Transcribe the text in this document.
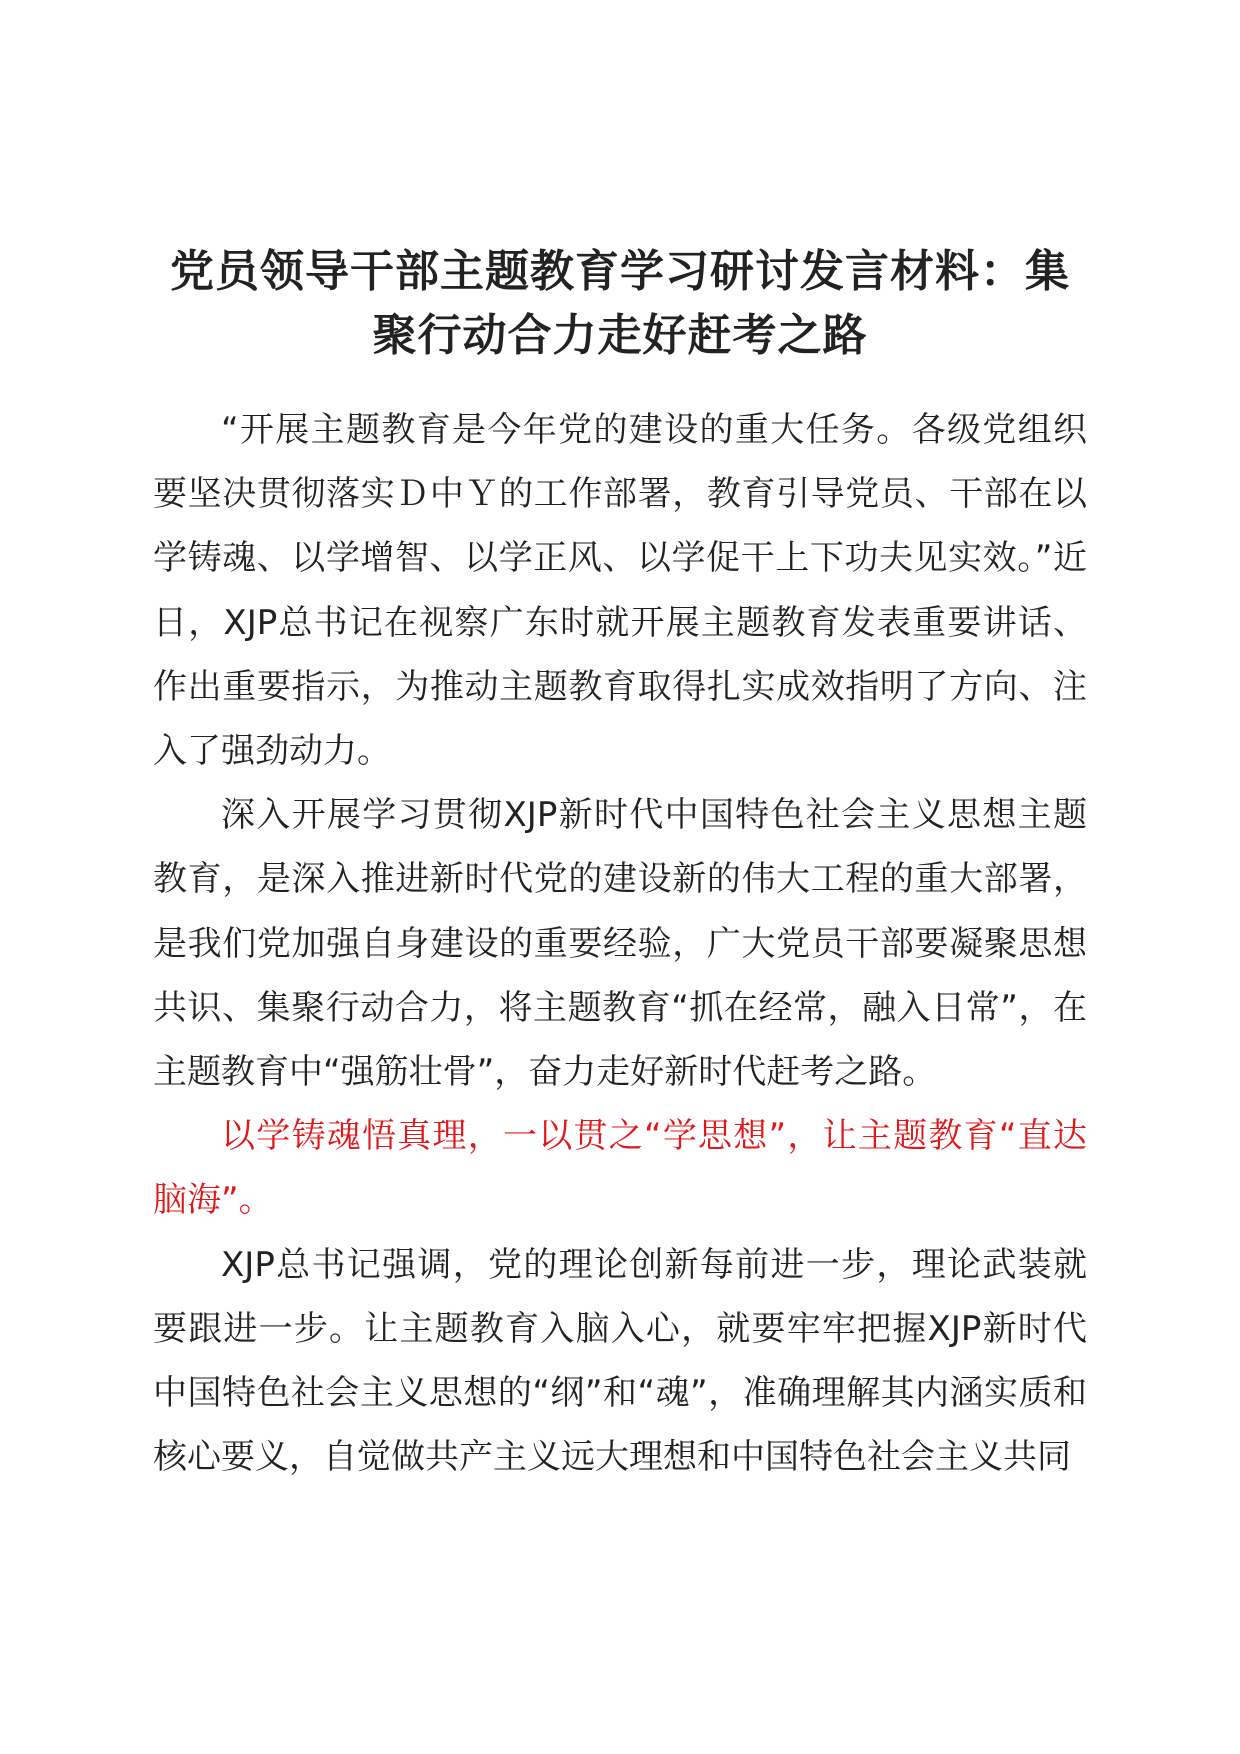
党员领导干部主题教育学习研讨发言材料：集聚行动合力走好赶考之路

“开展主题教育是今年党的建设的重大任务。各级党组织要坚决贯彻落实Ｄ中Ｙ的工作部署，教育引导党员、干部在以学铸魂、以学增智、以学正风、以学促干上下功夫见实效。”近日，XJP总书记在视察广东时就开展主题教育发表重要讲话、作出重要指示，为推动主题教育取得扎实成效指明了方向、注入了强劲动力。

深入开展学习贯彻XJP新时代中国特色社会主义思想主题教育，是深入推进新时代党的建设新的伟大工程的重大部署，是我们党加强自身建设的重要经验，广大党员干部要凝聚思想共识、集聚行动合力，将主题教育“抓在经常，融入日常”，在主题教育中“强筋壮骨”，奋力走好新时代赶考之路。

以学铸魂悟真理，一以贯之“学思想”，让主题教育“直达脑海”。

XJP总书记强调，党的理论创新每前进一步，理论武装就要跟进一步。让主题教育入脑入心，就要牢牢把握XJP新时代中国特色社会主义思想的“纲”和“魂”，准确理解其内涵实质和核心要义，自觉做共产主义远大理想和中国特色社会主义共同
